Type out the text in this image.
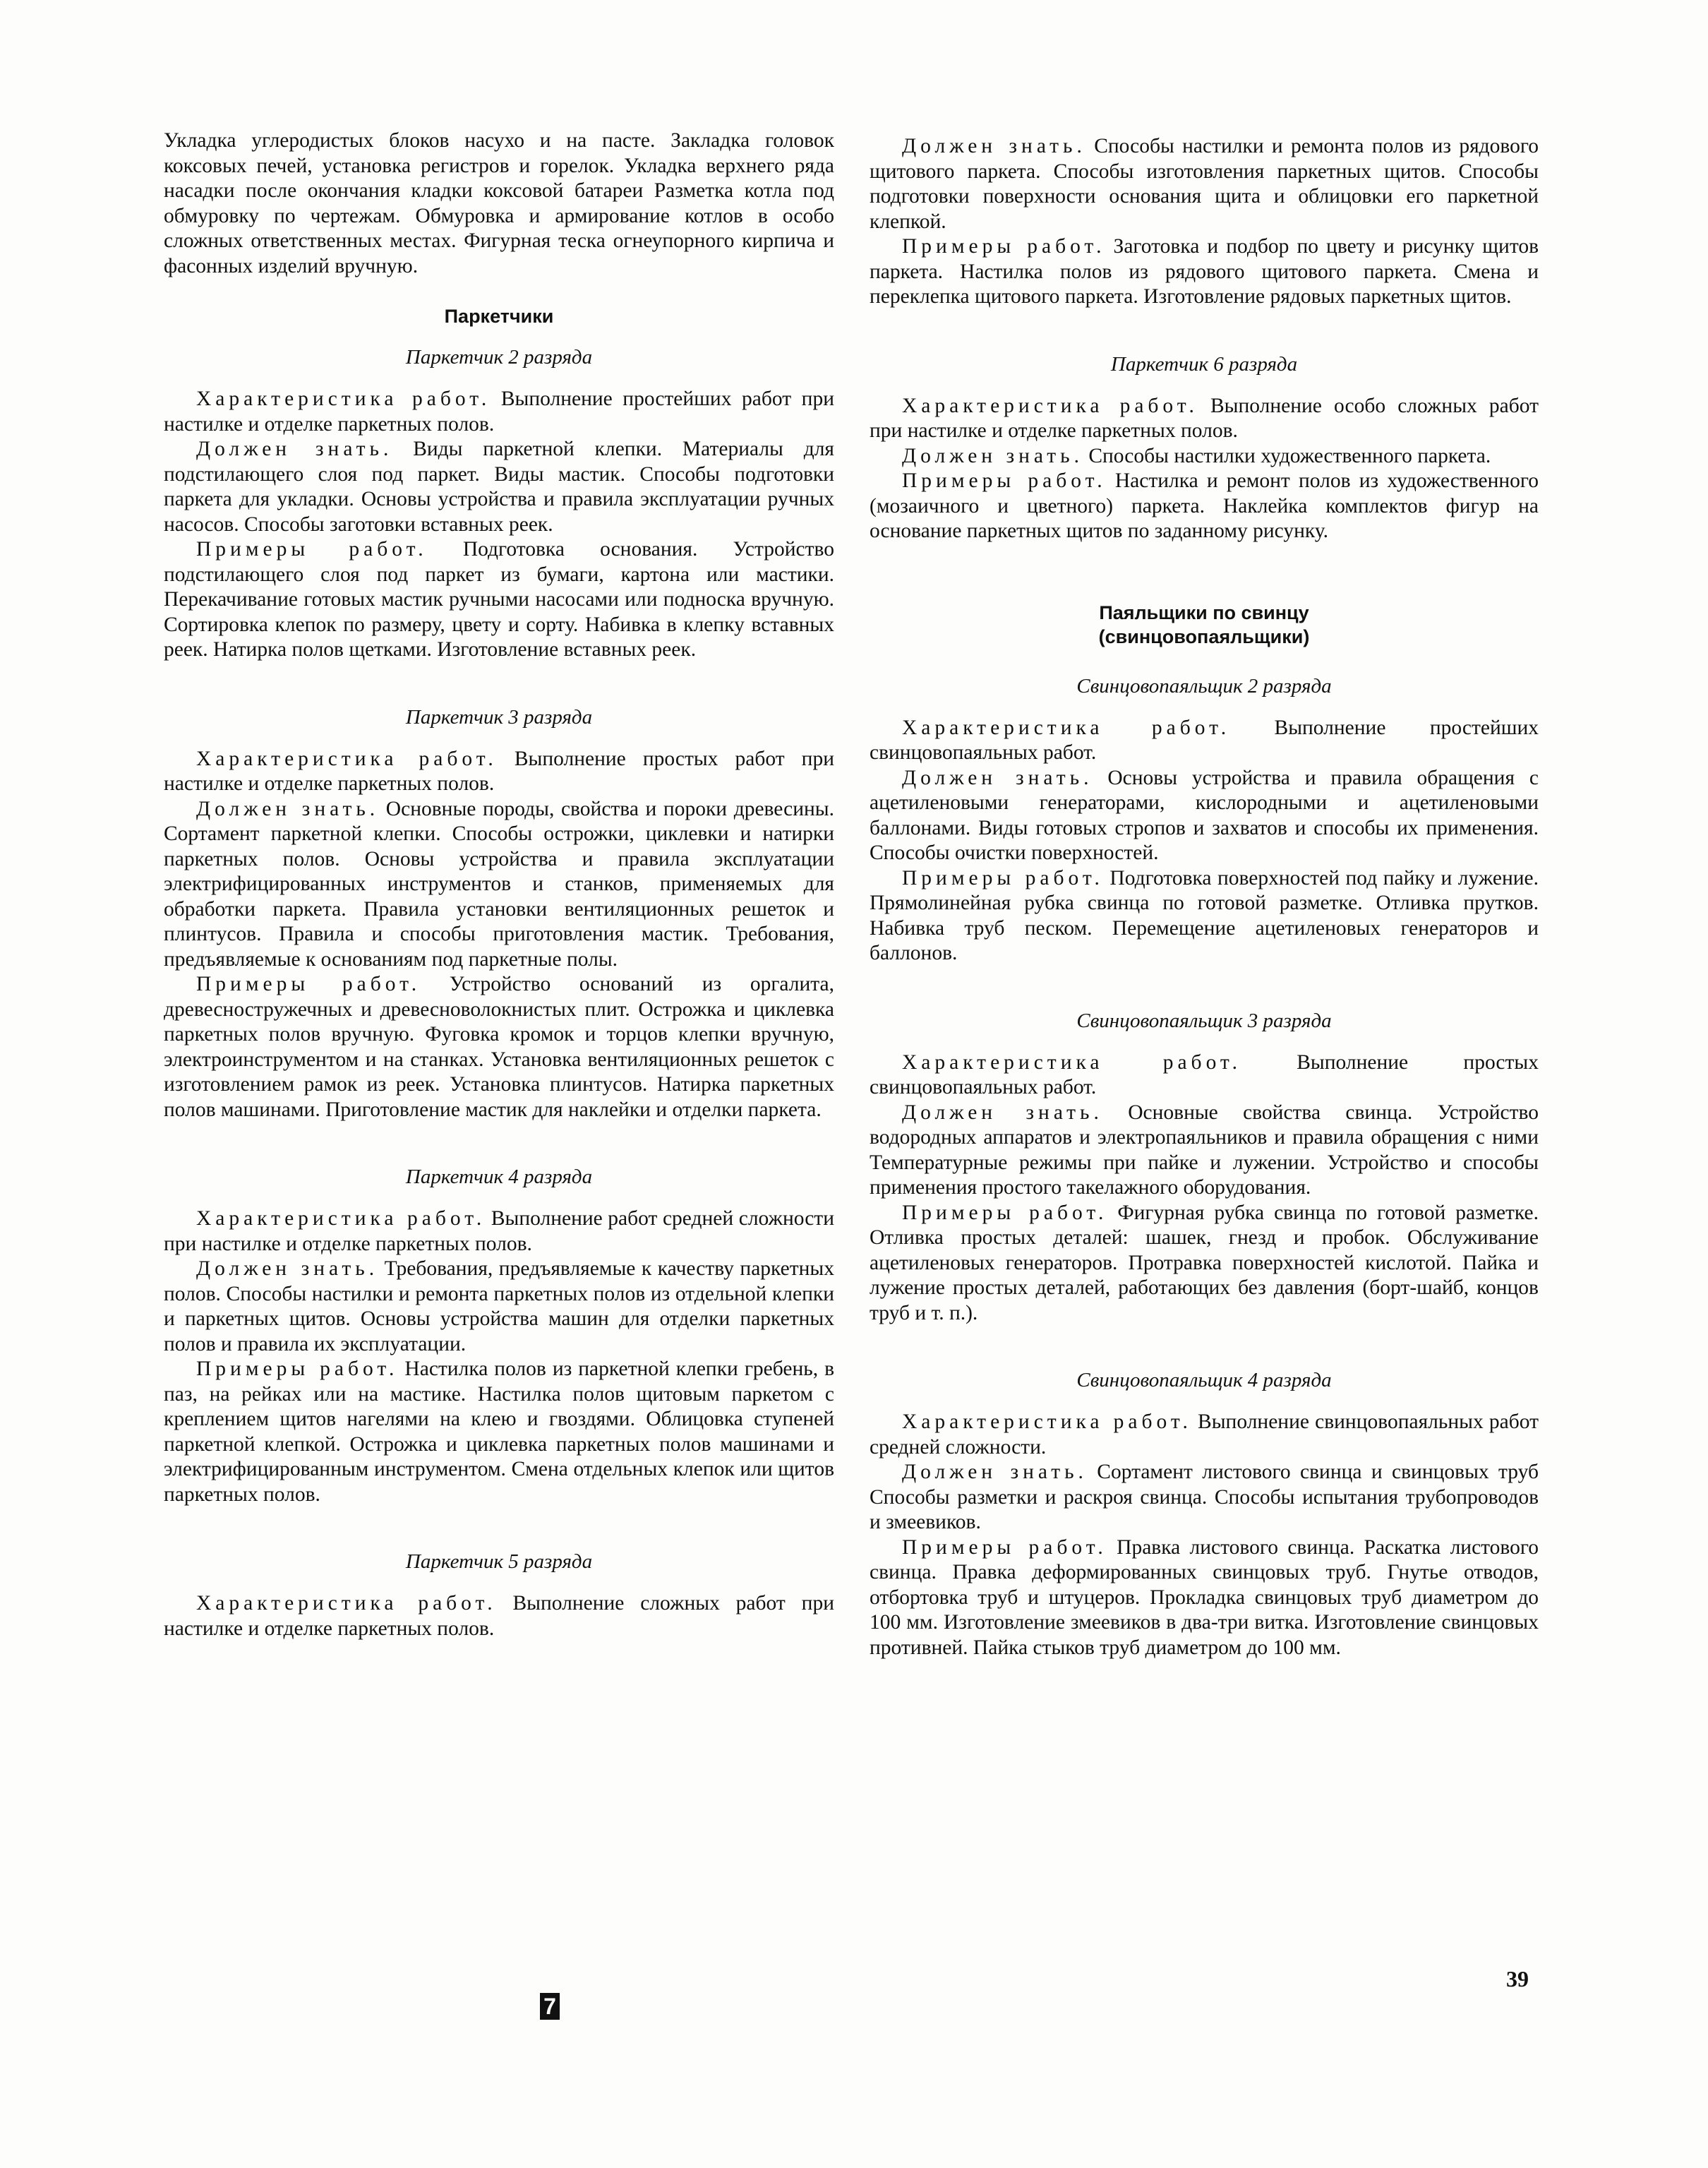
Укладка углеродистых блоков насухо и на пасте. Закладка головок коксовых печей, установка регистров и горелок. Укладка верхнего ряда насадки после окончания кладки коксовой батареи Разметка котла под обмуровку по чертежам. Обмуровка и армирование котлов в особо сложных ответственных местах. Фигурная теска огнеупорного кирпича и фасонных изделий вручную.

Паркетчики

Паркетчик 2 разряда

Характеристика работ. Выполнение простейших работ при настилке и отделке паркетных полов.

Должен знать. Виды паркетной клепки. Материалы для подстилающего слоя под паркет. Виды мастик. Способы подготовки паркета для укладки. Основы устройства и правила эксплуатации ручных насосов. Способы заготовки вставных реек.

Примеры работ. Подготовка основания. Устройство подстилающего слоя под паркет из бумаги, картона или мастики. Перекачивание готовых мастик ручными насосами или подноска вручную. Сортировка клепок по размеру, цвету и сорту. Набивка в клепку вставных реек. Натирка полов щетками. Изготовление вставных реек.

Паркетчик 3 разряда

Характеристика работ. Выполнение простых работ при настилке и отделке паркетных полов.

Должен знать. Основные породы, свойства и пороки древесины. Сортамент паркетной клепки. Способы острожки, циклевки и натирки паркетных полов. Основы устройства и правила эксплуатации электрифицированных инструментов и станков, применяемых для обработки паркета. Правила установки вентиляционных решеток и плинтусов. Правила и способы приготовления мастик. Требования, предъявляемые к основаниям под паркетные полы.

Примеры работ. Устройство оснований из оргалита, древесностружечных и древесноволокнистых плит. Острожка и циклевка паркетных полов вручную. Фуговка кромок и торцов клепки вручную, электроинструментом и на станках. Установка вентиляционных решеток с изготовлением рамок из реек. Установка плинтусов. Натирка паркетных полов машинами. Приготовление мастик для наклейки и отделки паркета.

Паркетчик 4 разряда

Характеристика работ. Выполнение работ средней сложности при настилке и отделке паркетных полов.

Должен знать. Требования, предъявляемые к качеству паркетных полов. Способы настилки и ремонта паркетных полов из отдельной клепки и паркетных щитов. Основы устройства машин для отделки паркетных полов и правила их эксплуатации.

Примеры работ. Настилка полов из паркетной клепки гребень, в паз, на рейках или на мастике. Настилка полов щитовым паркетом с креплением щитов нагелями на клею и гвоздями. Облицовка ступеней паркетной клепкой. Острожка и циклевка паркетных полов машинами и электрифицированным инструментом. Смена отдельных клепок или щитов паркетных полов.

Паркетчик 5 разряда

Характеристика работ. Выполнение сложных работ при настилке и отделке паркетных полов.

Должен знать. Способы настилки и ремонта полов из рядового щитового паркета. Способы изготовления паркетных щитов. Способы подготовки поверхности основания щита и облицовки его паркетной клепкой.

Примеры работ. Заготовка и подбор по цвету и рисунку щитов паркета. Настилка полов из рядового щитового паркета. Смена и переклепка щитового паркета. Изготовление рядовых паркетных щитов.

Паркетчик 6 разряда

Характеристика работ. Выполнение особо сложных работ при настилке и отделке паркетных полов.

Должен знать. Способы настилки художественного паркета.

Примеры работ. Настилка и ремонт полов из художественного (мозаичного и цветного) паркета. Наклейка комплектов фигур на основание паркетных щитов по заданному рисунку.

Паяльщики по свинцу

(свинцовопаяльщики)

Свинцовопаяльщик 2 разряда

Характеристика работ. Выполнение простейших свинцовопаяльных работ.

Должен знать. Основы устройства и правила обращения с ацетиленовыми генераторами, кислородными и ацетиленовыми баллонами. Виды готовых стропов и захватов и способы их применения. Способы очистки поверхностей.

Примеры работ. Подготовка поверхностей под пайку и лужение. Прямолинейная рубка свинца по готовой разметке. Отливка прутков. Набивка труб песком. Перемещение ацетиленовых генераторов и баллонов.

Свинцовопаяльщик 3 разряда

Характеристика работ. Выполнение простых свинцовопаяльных работ.

Должен знать. Основные свойства свинца. Устройство водородных аппаратов и электропаяльников и правила обращения с ними Температурные режимы при пайке и лужении. Устройство и способы применения простого такелажного оборудования.

Примеры работ. Фигурная рубка свинца по готовой разметке. Отливка простых деталей: шашек, гнезд и пробок. Обслуживание ацетиленовых генераторов. Протравка поверхностей кислотой. Пайка и лужение простых деталей, работающих без давления (борт-шайб, концов труб и т. п.).

Свинцовопаяльщик 4 разряда

Характеристика работ. Выполнение свинцовопаяльных работ средней сложности.

Должен знать. Сортамент листового свинца и свинцовых труб Способы разметки и раскроя свинца. Способы испытания трубопроводов и змеевиков.

Примеры работ. Правка листового свинца. Раскатка листового свинца. Правка деформированных свинцовых труб. Гнутье отводов, отбортовка труб и штуцеров. Прокладка свинцовых труб диаметром до 100 мм. Изготовление змеевиков в два-три витка. Изготовление свинцовых противней. Пайка стыков труб диаметром до 100 мм.

39
7
